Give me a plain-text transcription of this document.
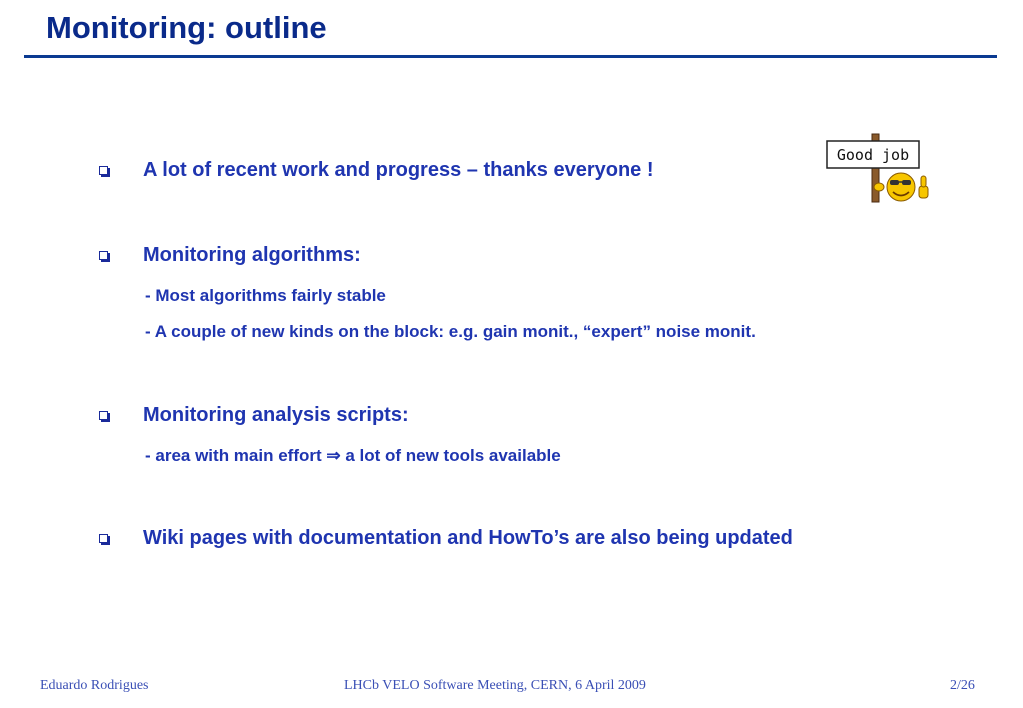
Monitoring: outline
A lot of recent work and progress – thanks everyone !
Good job
Monitoring algorithms:
- Most algorithms fairly stable
- A couple of new kinds on the block: e.g. gain monit., “expert” noise monit.
Monitoring analysis scripts:
- area with main effort ⇒ a lot of new tools available
Wiki pages with documentation and HowTo’s are also being updated
Eduardo Rodrigues	LHCb VELO Software Meeting, CERN, 6 April 2009	2/26
